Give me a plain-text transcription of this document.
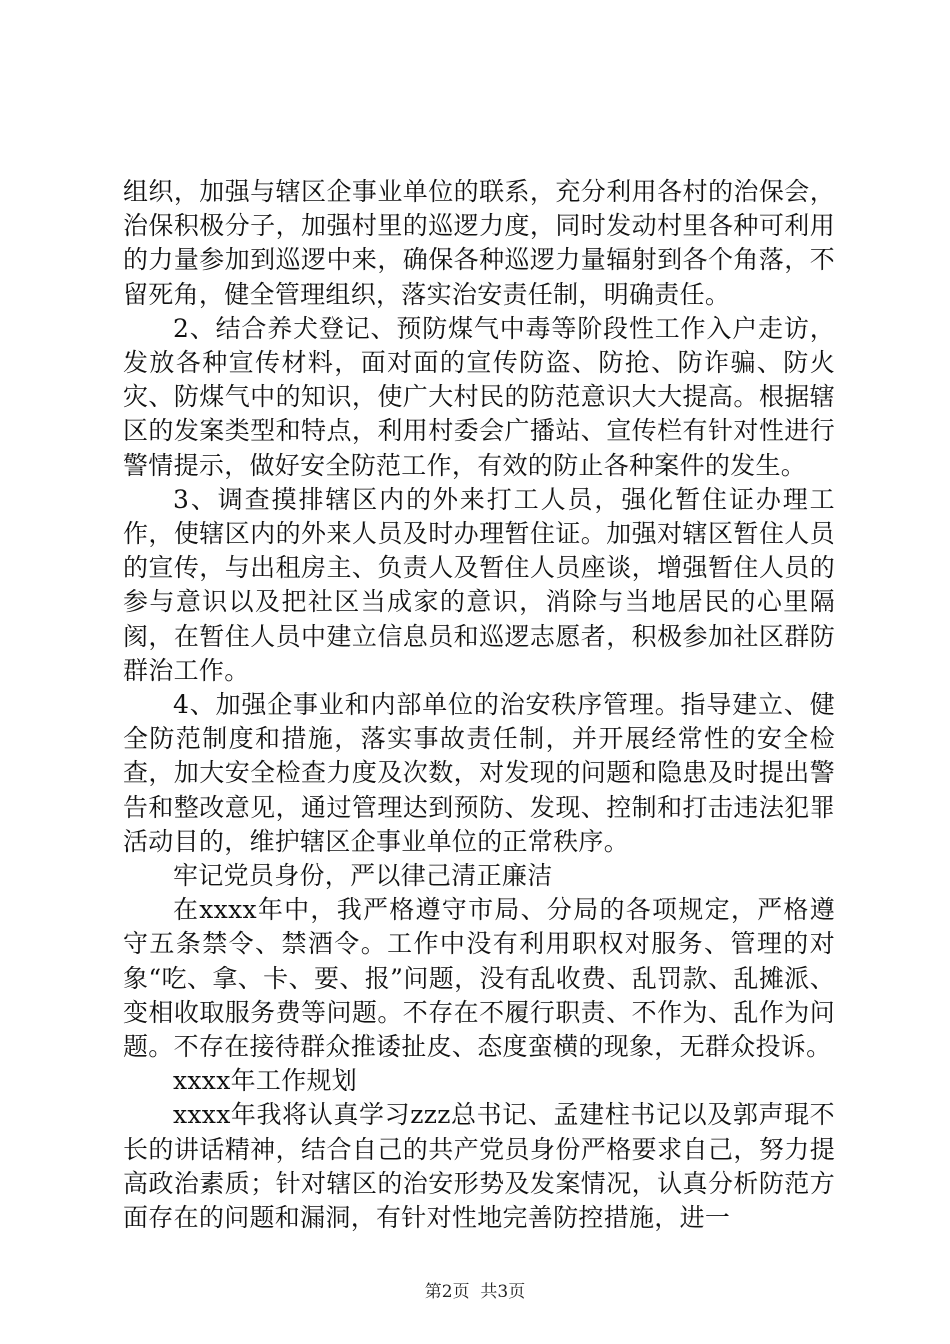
组织，加强与辖区企事业单位的联系，充分利用各村的治保会，治保积极分子，加强村里的巡逻力度，同时发动村里各种可利用的力量参加到巡逻中来，确保各种巡逻力量辐射到各个角落，不留死角，健全管理组织，落实治安责任制，明确责任。

2、结合养犬登记、预防煤气中毒等阶段性工作入户走访，发放各种宣传材料，面对面的宣传防盗、防抢、防诈骗、防火灾、防煤气中的知识，使广大村民的防范意识大大提高。根据辖区的发案类型和特点，利用村委会广播站、宣传栏有针对性进行警情提示，做好安全防范工作，有效的防止各种案件的发生。

3、调查摸排辖区内的外来打工人员，强化暂住证办理工作，使辖区内的外来人员及时办理暂住证。加强对辖区暂住人员的宣传，与出租房主、负责人及暂住人员座谈，增强暂住人员的参与意识以及把社区当成家的意识，消除与当地居民的心里隔阂，在暂住人员中建立信息员和巡逻志愿者，积极参加社区群防群治工作。

4、加强企事业和内部单位的治安秩序管理。指导建立、健全防范制度和措施，落实事故责任制，并开展经常性的安全检查，加大安全检查力度及次数，对发现的问题和隐患及时提出警告和整改意见，通过管理达到预防、发现、控制和打击违法犯罪活动目的，维护辖区企事业单位的正常秩序。

牢记党员身份，严以律己清正廉洁

在xxxx年中，我严格遵守市局、分局的各项规定，严格遵守五条禁令、禁酒令。工作中没有利用职权对服务、管理的对象“吃、拿、卡、要、报”问题，没有乱收费、乱罚款、乱摊派、变相收取服务费等问题。不存在不履行职责、不作为、乱作为问题。不存在接待群众推诿扯皮、态度蛮横的现象，无群众投诉。

xxxx年工作规划

xxxx年我将认真学习zzz总书记、孟建柱书记以及郭声琨不长的讲话精神，结合自己的共产党员身份严格要求自己，努力提高政治素质；针对辖区的治安形势及发案情况，认真分析防范方面存在的问题和漏洞，有针对性地完善防控措施，进一

第2页  共3页
